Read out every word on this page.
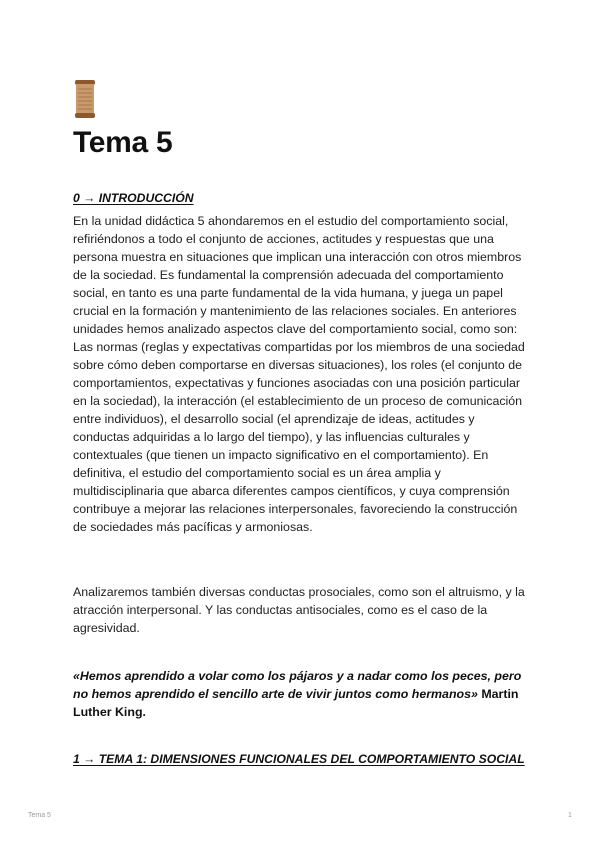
Tema 5
0 → INTRODUCCIÓN

En la unidad didáctica 5 ahondaremos en el estudio del comportamiento social, refiriéndonos a todo el conjunto de acciones, actitudes y respuestas que una persona muestra en situaciones que implican una interacción con otros miembros de la sociedad. Es fundamental la comprensión adecuada del comportamiento social, en tanto es una parte fundamental de la vida humana, y juega un papel crucial en la formación y mantenimiento de las relaciones sociales. En anteriores unidades hemos analizado aspectos clave del comportamiento social, como son: Las normas (reglas y expectativas compartidas por los miembros de una sociedad sobre cómo deben comportarse en diversas situaciones), los roles (el conjunto de comportamientos, expectativas y funciones asociadas con una posición particular en la sociedad), la interacción (el establecimiento de un proceso de comunicación entre individuos), el desarrollo social (el aprendizaje de ideas, actitudes y conductas adquiridas a lo largo del tiempo), y las influencias culturales y contextuales (que tienen un impacto significativo en el comportamiento). En definitiva, el estudio del comportamiento social es un área amplia y multidisciplinaria que abarca diferentes campos científicos, y cuya comprensión contribuye a mejorar las relaciones interpersonales, favoreciendo la construcción de sociedades más pacíficas y armoniosas.

Analizaremos también diversas conductas prosociales, como son el altruismo, y la atracción interpersonal. Y las conductas antisociales, como es el caso de la agresividad.

«Hemos aprendido a volar como los pájaros y a nadar como los peces, pero no hemos aprendido el sencillo arte de vivir juntos como hermanos» Martin Luther King.

1 → TEMA 1: DIMENSIONES FUNCIONALES DEL COMPORTAMIENTO SOCIAL
Tema 5	1
